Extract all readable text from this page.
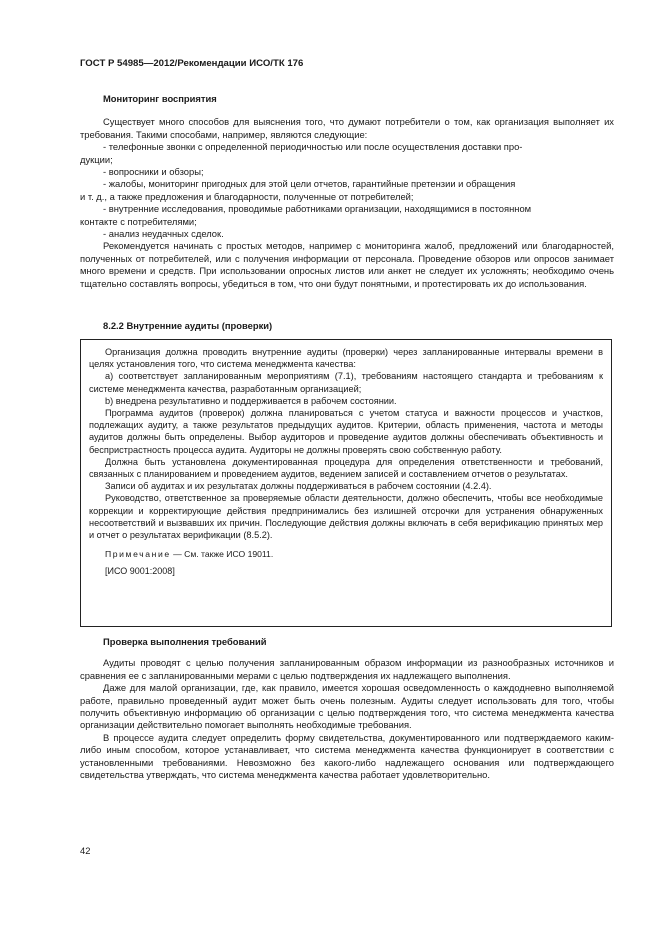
ГОСТ Р 54985—2012/Рекомендации ИСО/ТК 176
Мониторинг восприятия

Существует много способов для выяснения того, что думают потребители о том, как организация выполняет их требования. Такими способами, например, являются следующие:

- телефонные звонки с определенной периодичностью или после осуществления доставки про-

дукции;

- вопросники и обзоры;

- жалобы, мониторинг пригодных для этой цели отчетов, гарантийные претензии и обращения

и т. д., а также предложения и благодарности, полученные от потребителей;

- внутренние исследования, проводимые работниками организации, находящимися в постоянном

контакте с потребителями;

- анализ неудачных сделок.

Рекомендуется начинать с простых методов, например с мониторинга жалоб, предложений или благодарностей, полученных от потребителей, или с получения информации от персонала. Проведение обзоров или опросов занимает много времени и средств. При использовании опросных листов или анкет не следует их усложнять; необходимо очень тщательно составлять вопросы, убедиться в том, что они будут понятными, и протестировать их до использования.

8.2.2 Внутренние аудиты (проверки)

Организация должна проводить внутренние аудиты (проверки) через запланированные интервалы времени в целях установления того, что система менеджмента качества:

a) соответствует запланированным мероприятиям (7.1), требованиям настоящего стандарта и требованиям к системе менеджмента качества, разработанным организацией;

b) внедрена результативно и поддерживается в рабочем состоянии.

Программа аудитов (проверок) должна планироваться с учетом статуса и важности процессов и участков, подлежащих аудиту, а также результатов предыдущих аудитов. Критерии, область применения, частота и методы аудитов должны быть определены. Выбор аудиторов и проведение аудитов должны обеспечивать объективность и беспристрастность процесса аудита. Аудиторы не должны проверять свою собственную работу.

Должна быть установлена документированная процедура для определения ответственности и требований, связанных с планированием и проведением аудитов, ведением записей и составлением отчетов о результатах.

Записи об аудитах и их результатах должны поддерживаться в рабочем состоянии (4.2.4).

Руководство, ответственное за проверяемые области деятельности, должно обеспечить, чтобы все необходимые коррекции и корректирующие действия предпринимались без излишней отсрочки для устранения обнаруженных несоответствий и вызвавших их причин. Последующие действия должны включать в себя верификацию принятых мер и отчет о результатах верификации (8.5.2).

Примечание — См. также ИСО 19011.
[ИСО 9001:2008]
Проверка выполнения требований

Аудиты проводят с целью получения запланированным образом информации из разнообразных источников и сравнения ее с запланированными мерами с целью подтверждения их надлежащего выполнения.

Даже для малой организации, где, как правило, имеется хорошая осведомленность о каждодневно выполняемой работе, правильно проведенный аудит может быть очень полезным. Аудиты следует использовать для того, чтобы получить объективную информацию об организации с целью подтверждения того, что система менеджмента качества организации действительно помогает выполнять необходимые требования.

В процессе аудита следует определить форму свидетельства, документированного или подтверждаемого каким-либо иным способом, которое устанавливает, что система менеджмента качества функционирует в соответствии с установленными требованиями. Невозможно без какого-либо надлежащего основания или подтверждающего свидетельства утверждать, что система менеджмента качества работает удовлетворительно.

42
